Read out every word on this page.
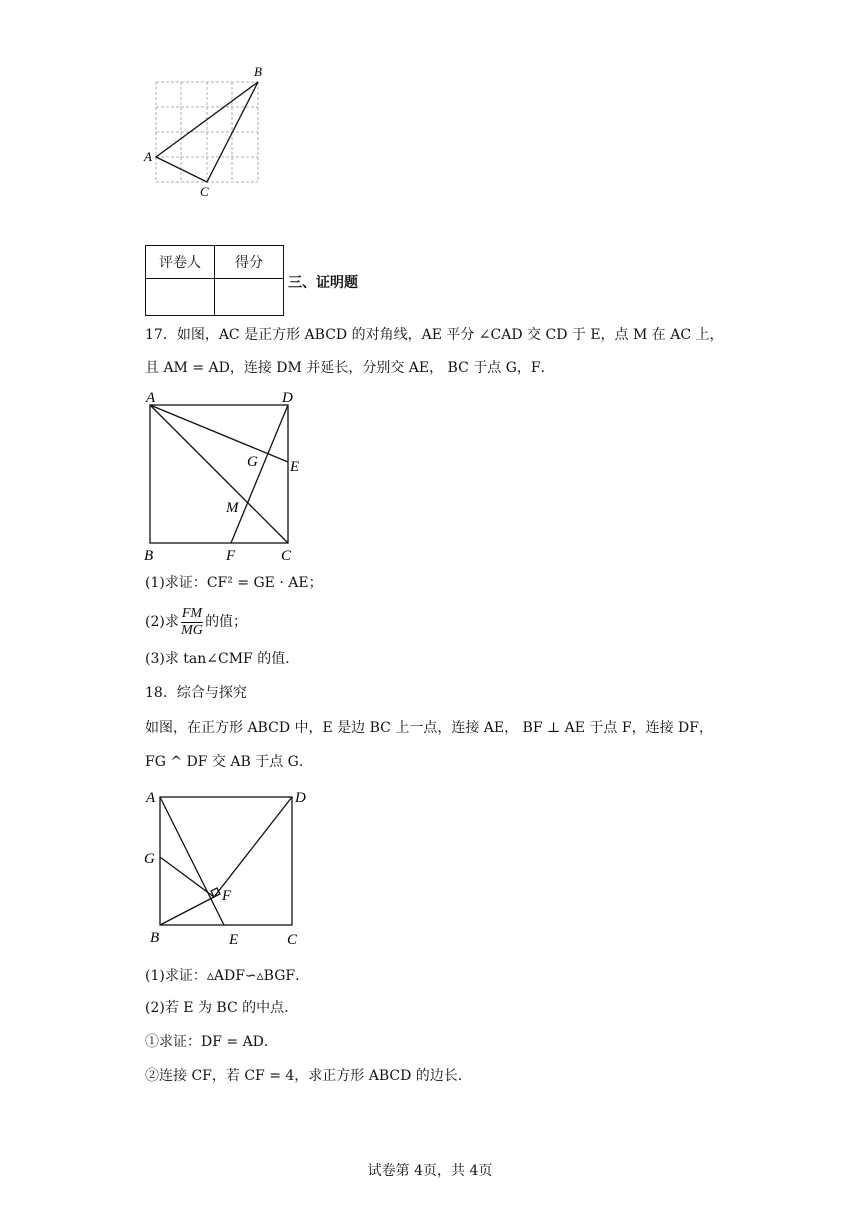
B
A
C
评卷人	得分

三、证明题
17．如图，AC 是正方形 ABCD 的对角线，AE 平分 ∠CAD 交 CD 于 E，点 M 在 AC 上，
且 AM = AD，连接 DM 并延长，分别交 AE， BC 于点 G，F．
A	D
E
G
M
B	F	C
(1)求证：CF² = GE · AE；
(2)求 $\frac{FM}{MG}$ 的值；
(3)求 tan∠CMF 的值．
18．综合与探究
如图，在正方形 ABCD 中，E 是边 BC 上一点，连接 AE， BF ⊥ AE 于点 F，连接 DF，
FG ^ DF 交 AB 于点 G．
A	D
G
F
B	E	C
(1)求证：▵ADF∽▵BGF．
(2)若 E 为 BC 的中点．
①求证：DF = AD．
②连接 CF，若 CF = 4，求正方形 ABCD 的边长．
试卷第 4页，共 4页
